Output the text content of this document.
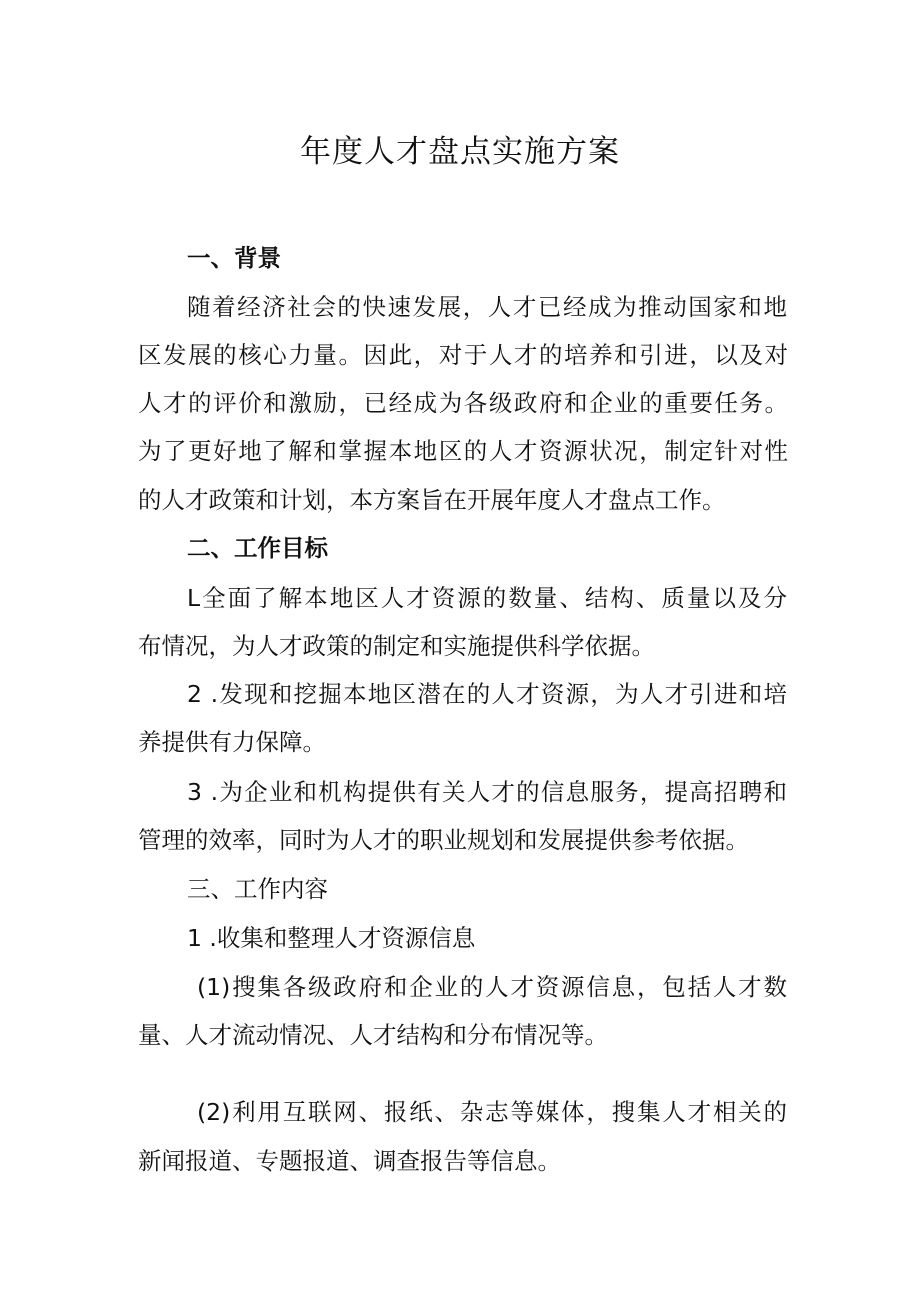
年度人才盘点实施方案

一、背景

随着经济社会的快速发展，人才已经成为推动国家和地

区发展的核心力量。因此，对于人才的培养和引进，以及对

人才的评价和激励，已经成为各级政府和企业的重要任务。

为了更好地了解和掌握本地区的人才资源状况，制定针对性

的人才政策和计划，本方案旨在开展年度人才盘点工作。

二、工作目标

L全面了解本地区人才资源的数量、结构、质量以及分

布情况，为人才政策的制定和实施提供科学依据。

2 .发现和挖掘本地区潜在的人才资源，为人才引进和培

养提供有力保障。

3 .为企业和机构提供有关人才的信息服务，提高招聘和

管理的效率，同时为人才的职业规划和发展提供参考依据。

三、工作内容

1 .收集和整理人才资源信息

(1)搜集各级政府和企业的人才资源信息，包括人才数

量、人才流动情况、人才结构和分布情况等。

(2)利用互联网、报纸、杂志等媒体，搜集人才相关的

新闻报道、专题报道、调查报告等信息。
